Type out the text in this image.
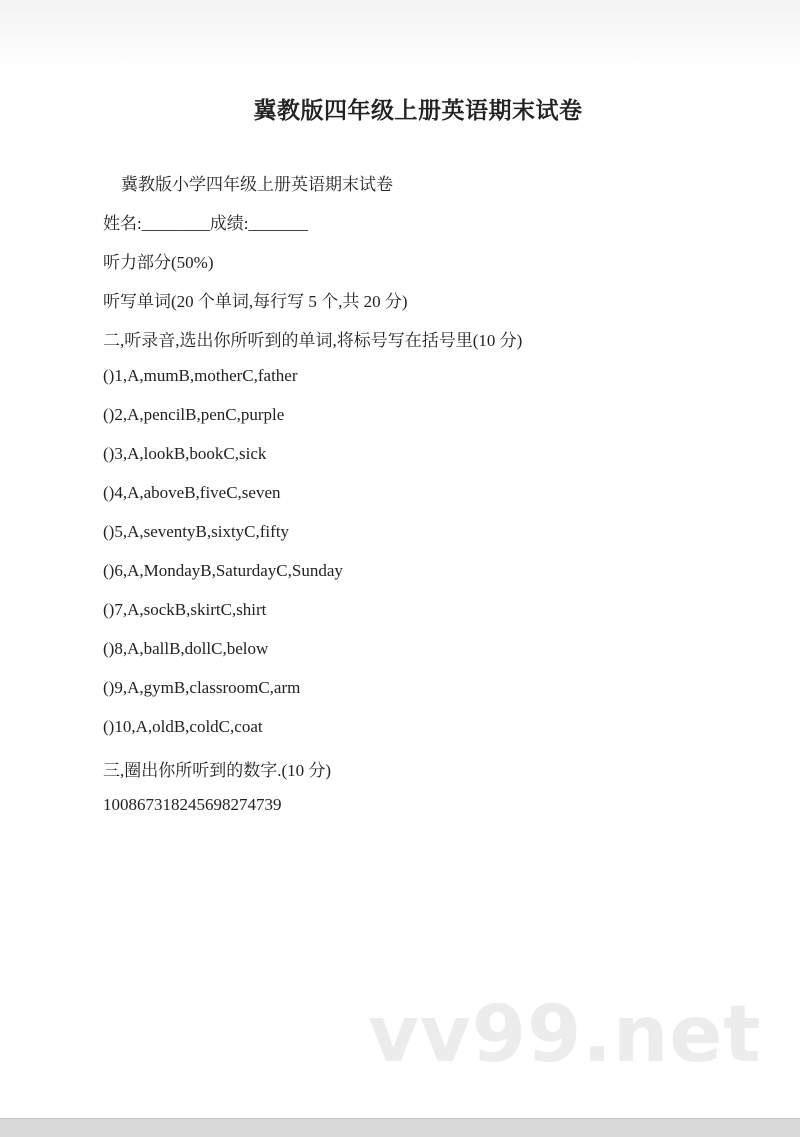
冀教版四年级上册英语期末试卷
冀教版小学四年级上册英语期末试卷
姓名:________成绩:_______
听力部分(50%)
听写单词(20 个单词,每行写 5 个,共 20 分)
二,听录音,选出你所听到的单词,将标号写在括号里(10 分)
()1,A,mumB,motherC,father
()2,A,pencilB,penC,purple
()3,A,lookB,bookC,sick
()4,A,aboveB,fiveC,seven
()5,A,seventyB,sixtyC,fifty
()6,A,MondayB,SaturdayC,Sunday
()7,A,sockB,skirtC,shirt
()8,A,ballB,dollC,below
()9,A,gymB,classroomC,arm
()10,A,oldB,coldC,coat
三,圈出你所听到的数字.(10 分)
10086731824569827473​9
vv99.net
